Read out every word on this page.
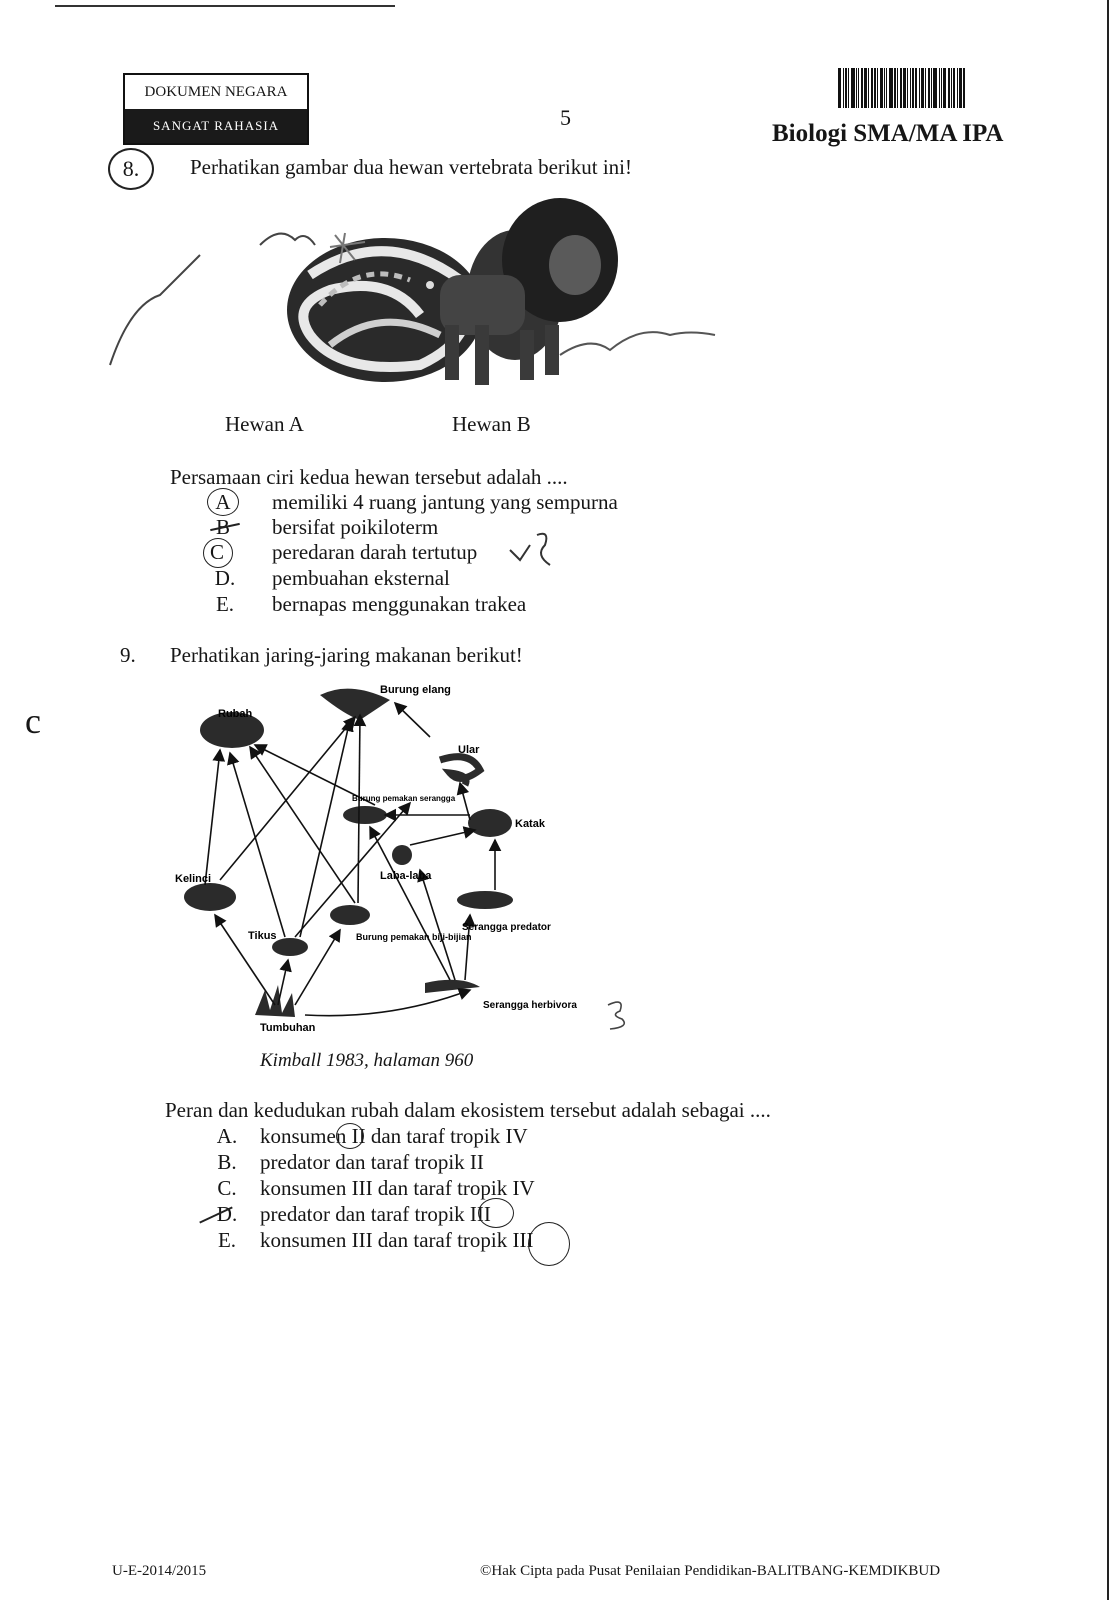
DOKUMEN NEGARA
SANGAT RAHASIA	5
Biologi SMA/MA IPA
8.	Perhatikan gambar dua hewan vertebrata berikut ini!
Hewan A	Hewan B
Persamaan ciri kedua hewan tersebut adalah ....
A	memiliki 4 ruang jantung yang sempurna
B	bersifat poikiloterm
C	peredaran darah tertutup
D. pembuahan eksternal
E. bernapas menggunakan trakea
9. Perhatikan jaring-jaring makanan berikut!
c
Burung elang
Rubah
Ular
Burung pemakan serangga
Katak
Laba-laba
Kelinci
Tikus	Burung pemakan biji-bijian
Serangga predator
Serangga herbivora
Tumbuhan
Kimball 1983, halaman 960
Peran dan kedudukan rubah dalam ekosistem tersebut adalah sebagai ....
A. konsumen II dan taraf tropik IV
B. predator dan taraf tropik II
C. konsumen III dan taraf tropik IV
D. predator dan taraf tropik III
E. konsumen III dan taraf tropik III
U-E-2014/2015	©Hak Cipta pada Pusat Penilaian Pendidikan-BALITBANG-KEMDIKBUD
